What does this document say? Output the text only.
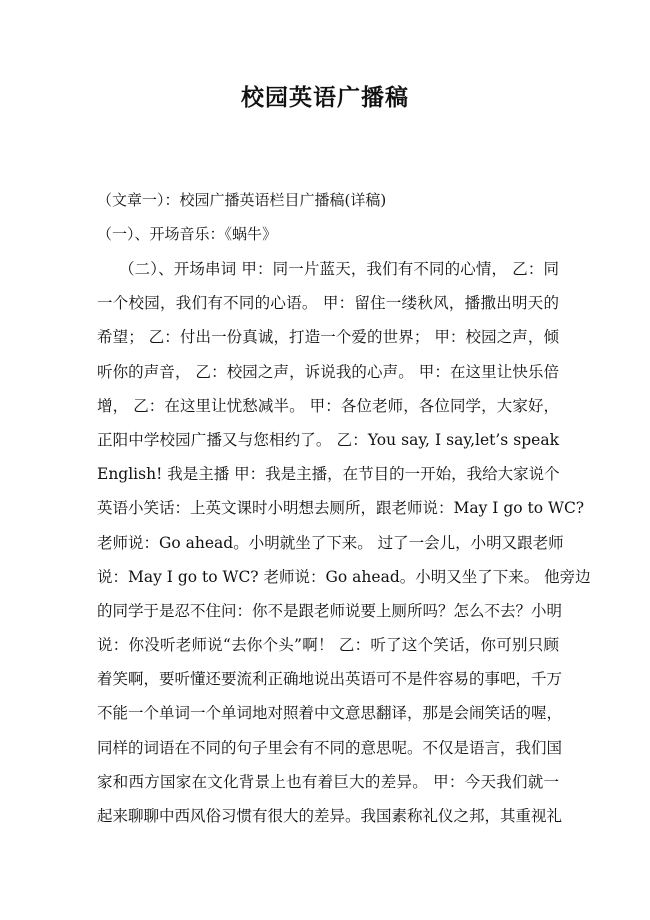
校园英语广播稿
（文章一）：校园广播英语栏目广播稿(详稿)
（一）、开场音乐：《蜗牛》
（二）、开场串词 甲：同一片蓝天，我们有不同的心情， 乙：同
一个校园，我们有不同的心语。 甲：留住一缕秋风，播撒出明天的
希望； 乙：付出一份真诚，打造一个爱的世界； 甲：校园之声，倾
听你的声音， 乙：校园之声，诉说我的心声。 甲：在这里让快乐倍
增， 乙：在这里让忧愁减半。 甲：各位老师，各位同学，大家好，
正阳中学校园广播又与您相约了。 乙：You say, I say,let’s speak
English! 我是主播 甲：我是主播，在节目的一开始，我给大家说个
英语小笑话：上英文课时小明想去厕所，跟老师说：May I go to WC?
老师说：Go ahead。小明就坐了下来。 过了一会儿，小明又跟老师
说：May I go to WC? 老师说：Go ahead。小明又坐了下来。 他旁边
的同学于是忍不住问：你不是跟老师说要上厕所吗？怎么不去？小明
说：你没听老师说“去你个头”啊！ 乙：听了这个笑话，你可别只顾
着笑啊，要听懂还要流利正确地说出英语可不是件容易的事吧，千万
不能一个单词一个单词地对照着中文意思翻译，那是会闹笑话的喔，
同样的词语在不同的句子里会有不同的意思呢。不仅是语言，我们国
家和西方国家在文化背景上也有着巨大的差异。 甲：今天我们就一
起来聊聊中西风俗习惯有很大的差异。我国素称礼仪之邦，其重视礼
